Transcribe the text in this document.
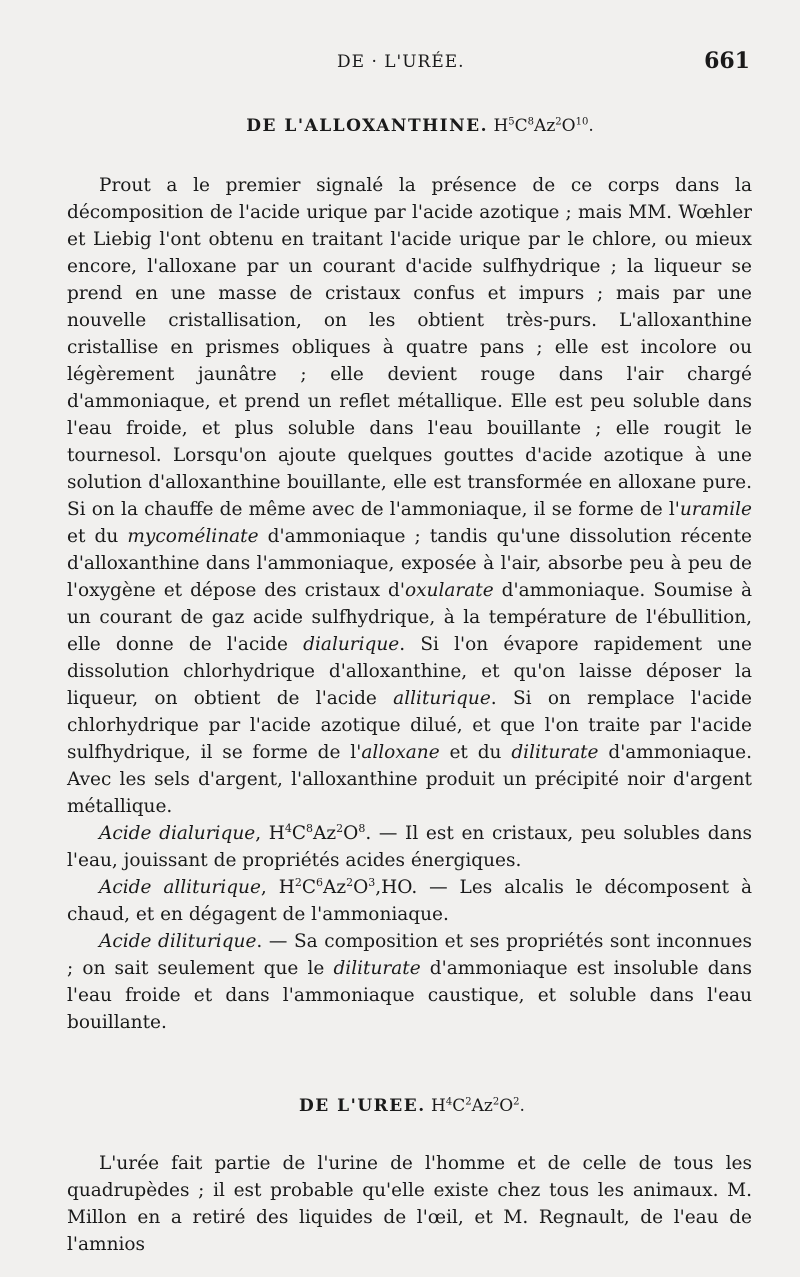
DE · L'URÉE.	661
DE L'ALLOXANTHINE. $H^5C^8Az^2O^{10}$.

Prout a le premier signalé la présence de ce corps dans la décomposition de l'acide urique par l'acide azotique ; mais MM. Wœhler et Liebig l'ont obtenu en traitant l'acide urique par le chlore, ou mieux encore, l'alloxane par un courant d'acide sulfhydrique ; la liqueur se prend en une masse de cristaux confus et impurs ; mais par une nouvelle cristallisation, on les obtient très-purs. L'alloxanthine cristallise en prismes obliques à quatre pans ; elle est incolore ou légèrement jaunâtre ; elle devient rouge dans l'air chargé d'ammoniaque, et prend un reflet métallique. Elle est peu soluble dans l'eau froide, et plus soluble dans l'eau bouillante ; elle rougit le tournesol. Lorsqu'on ajoute quelques gouttes d'acide azotique à une solution d'alloxanthine bouillante, elle est transformée en alloxane pure. Si on la chauffe de même avec de l'ammoniaque, il se forme de l'uramile et du mycomélinate d'ammoniaque ; tandis qu'une dissolution récente d'alloxanthine dans l'ammoniaque, exposée à l'air, absorbe peu à peu de l'oxygène et dépose des cristaux d'oxularate d'ammoniaque. Soumise à un courant de gaz acide sulfhydrique, à la température de l'ébullition, elle donne de l'acide dialurique. Si l'on évapore rapidement une dissolution chlorhydrique d'alloxanthine, et qu'on laisse déposer la liqueur, on obtient de l'acide alliturique. Si on remplace l'acide chlorhydrique par l'acide azotique dilué, et que l'on traite par l'acide sulfhydrique, il se forme de l'alloxane et du diliturate d'ammoniaque. Avec les sels d'argent, l'alloxanthine produit un précipité noir d'argent métallique.

Acide dialurique, $H^4C^8Az^2O^8$. — Il est en cristaux, peu solubles dans l'eau, jouissant de propriétés acides énergiques.

Acide alliturique, $H^2C^6Az^2O^3,HO$. — Les alcalis le décomposent à chaud, et en dégagent de l'ammoniaque.

Acide diliturique. — Sa composition et ses propriétés sont inconnues ; on sait seulement que le diliturate d'ammoniaque est insoluble dans l'eau froide et dans l'ammoniaque caustique, et soluble dans l'eau bouillante.

DE L'UREE. $H^4C^2Az^2O^2$.

L'urée fait partie de l'urine de l'homme et de celle de tous les quadrupèdes ; il est probable qu'elle existe chez tous les animaux. M. Millon en a retiré des liquides de l'œil, et M. Regnault, de l'eau de l'amnios
